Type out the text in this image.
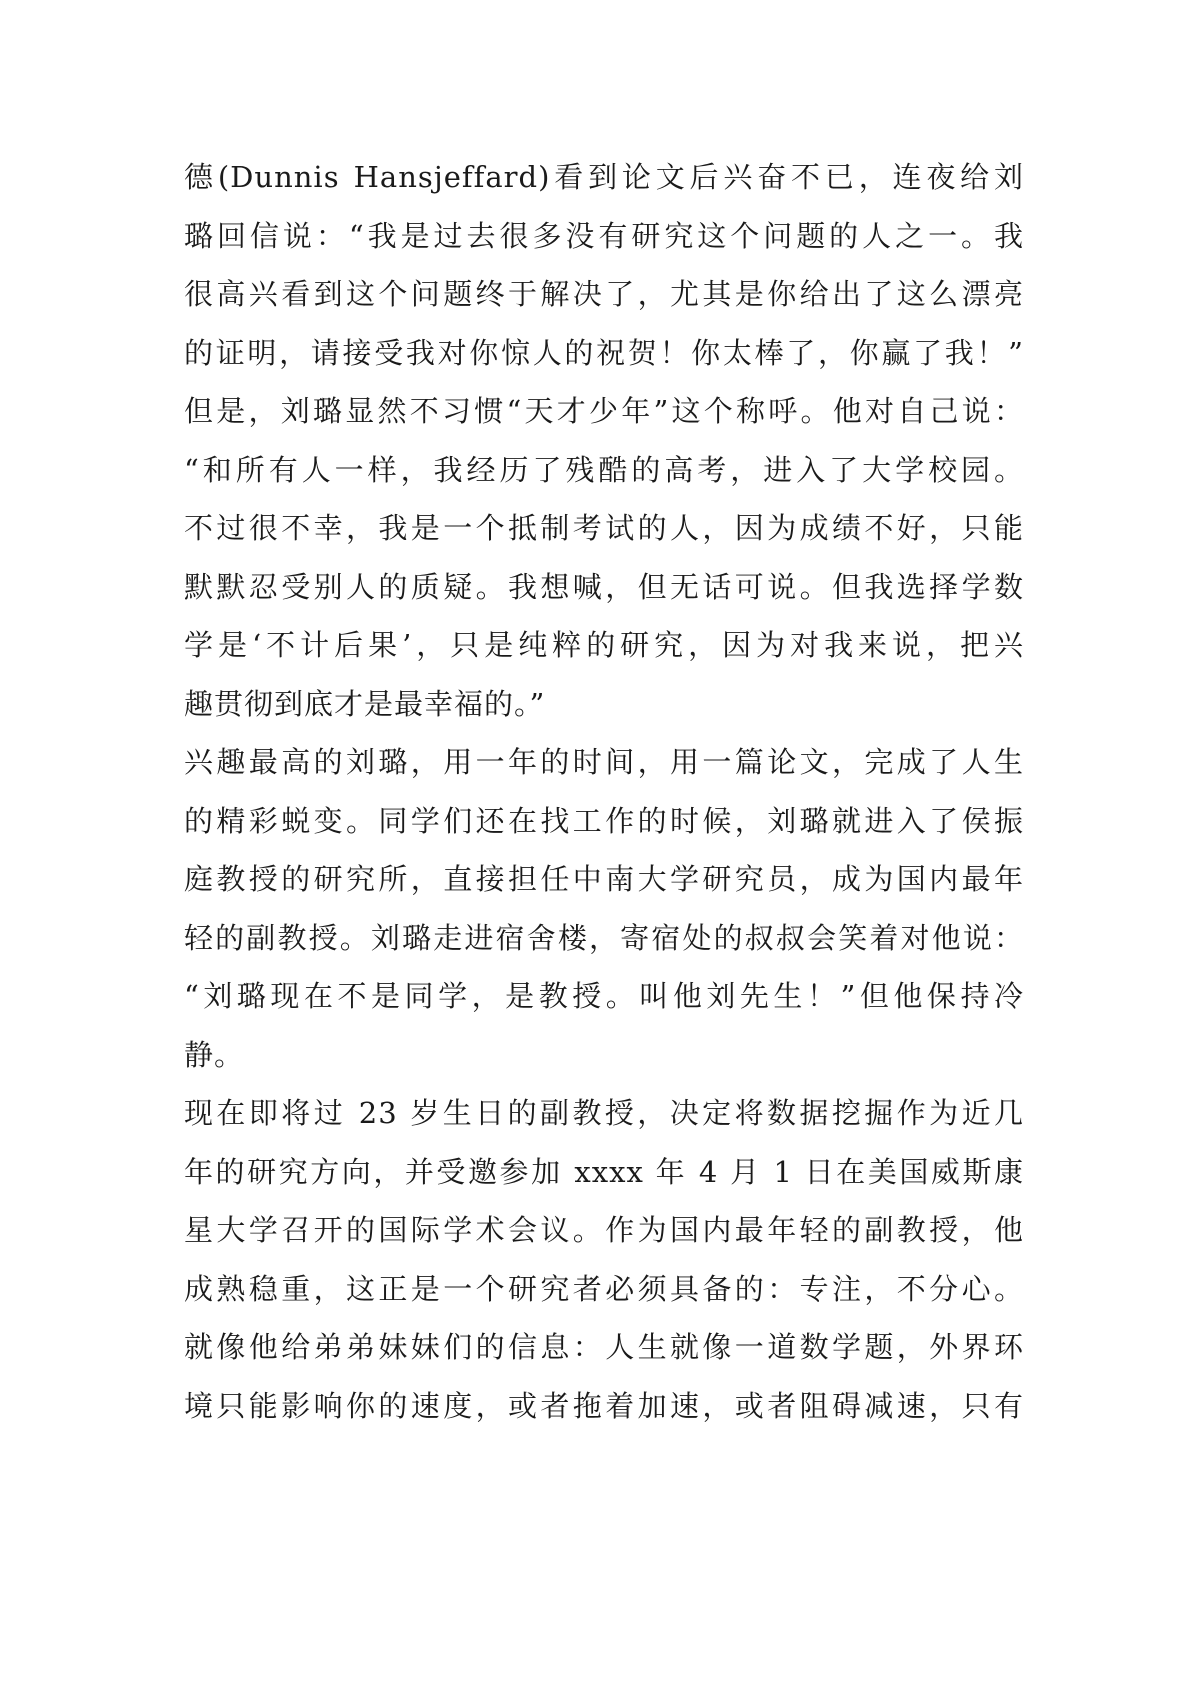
德(Dunnis Hansjeffard)看到论文后兴奋不已，连夜给刘
璐回信说：“我是过去很多没有研究这个问题的人之一。我
很高兴看到这个问题终于解决了，尤其是你给出了这么漂亮
的证明，请接受我对你惊人的祝贺！你太棒了，你赢了我！”
但是，刘璐显然不习惯“天才少年”这个称呼。他对自己说：
“和所有人一样，我经历了残酷的高考，进入了大学校园。
不过很不幸，我是一个抵制考试的人，因为成绩不好，只能
默默忍受别人的质疑。我想喊，但无话可说。但我选择学数
学是‘不计后果’，只是纯粹的研究，因为对我来说，把兴
趣贯彻到底才是最幸福的。”
兴趣最高的刘璐，用一年的时间，用一篇论文，完成了人生
的精彩蜕变。同学们还在找工作的时候，刘璐就进入了侯振
庭教授的研究所，直接担任中南大学研究员，成为国内最年
轻的副教授。刘璐走进宿舍楼，寄宿处的叔叔会笑着对他说：
“刘璐现在不是同学，是教授。叫他刘先生！”但他保持冷
静。
现在即将过 23 岁生日的副教授，决定将数据挖掘作为近几
年的研究方向，并受邀参加 xxxx 年 4 月 1 日在美国威斯康
星大学召开的国际学术会议。作为国内最年轻的副教授，他
成熟稳重，这正是一个研究者必须具备的：专注，不分心。
就像他给弟弟妹妹们的信息：人生就像一道数学题，外界环
境只能影响你的速度，或者拖着加速，或者阻碍减速，只有
